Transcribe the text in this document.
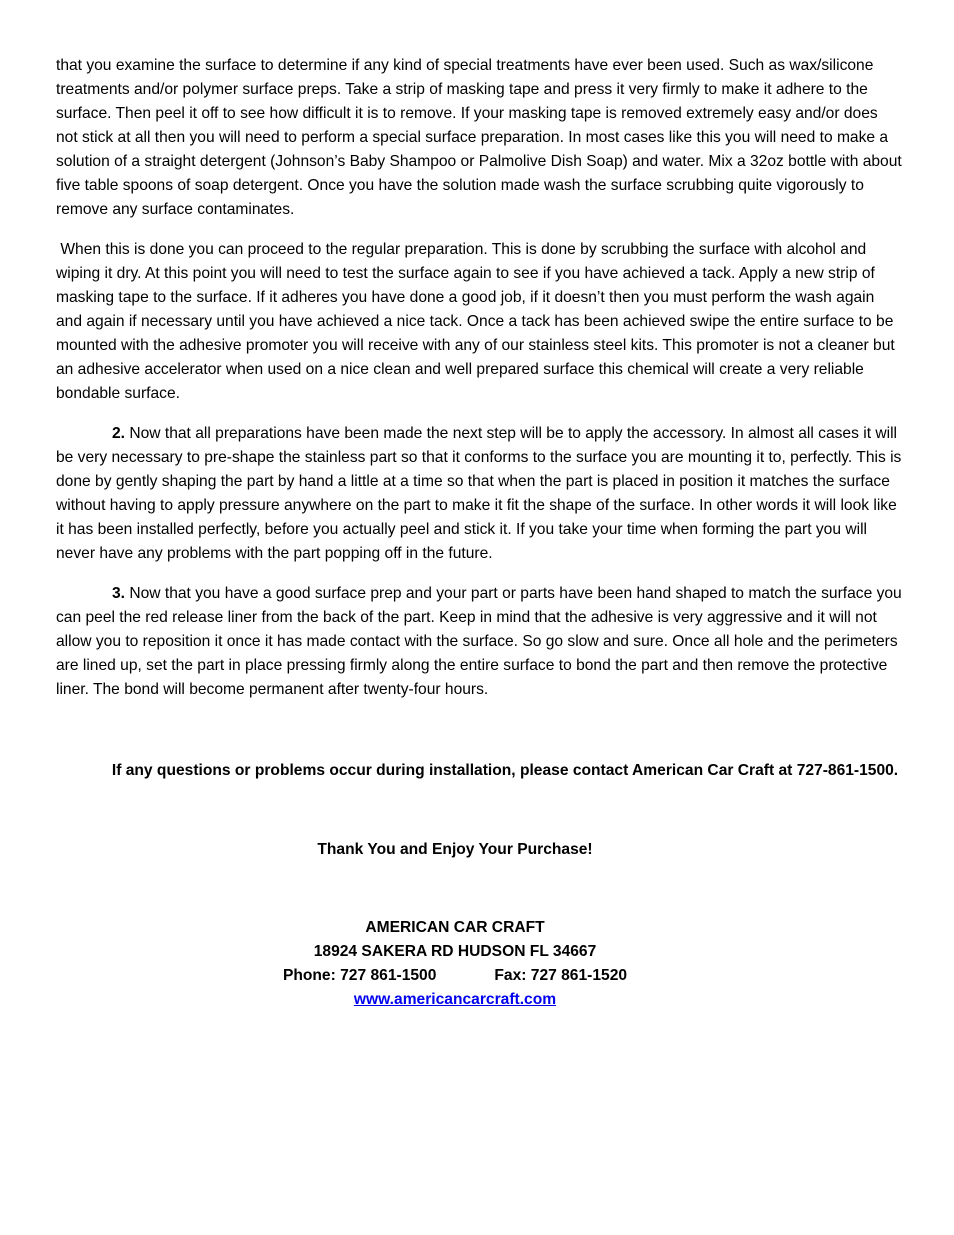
that you examine the surface to determine if any kind of special treatments have ever been used. Such as wax/silicone treatments and/or polymer surface preps. Take a strip of masking tape and press it very firmly to make it adhere to the surface. Then peel it off to see how difficult it is to remove. If your masking tape is removed extremely easy and/or does not stick at all then you will need to perform a special surface preparation. In most cases like this you will need to make a solution of a straight detergent (Johnson’s Baby Shampoo or Palmolive Dish Soap) and water. Mix a 32oz bottle with about five table spoons of soap detergent. Once you have the solution made wash the surface scrubbing quite vigorously to remove any surface contaminates.

When this is done you can proceed to the regular preparation. This is done by scrubbing the surface with alcohol and wiping it dry. At this point you will need to test the surface again to see if you have achieved a tack. Apply a new strip of masking tape to the surface. If it adheres you have done a good job, if it doesn’t then you must perform the wash again and again if necessary until you have achieved a nice tack. Once a tack has been achieved swipe the entire surface to be mounted with the adhesive promoter you will receive with any of our stainless steel kits. This promoter is not a cleaner but an adhesive accelerator when used on a nice clean and well prepared surface this chemical will create a very reliable bondable surface.

2. Now that all preparations have been made the next step will be to apply the accessory. In almost all cases it will be very necessary to pre-shape the stainless part so that it conforms to the surface you are mounting it to, perfectly. This is done by gently shaping the part by hand a little at a time so that when the part is placed in position it matches the surface without having to apply pressure anywhere on the part to make it fit the shape of the surface. In other words it will look like it has been installed perfectly, before you actually peel and stick it. If you take your time when forming the part you will never have any problems with the part popping off in the future.

3. Now that you have a good surface prep and your part or parts have been hand shaped to match the surface you can peel the red release liner from the back of the part. Keep in mind that the adhesive is very aggressive and it will not allow you to reposition it once it has made contact with the surface. So go slow and sure. Once all hole and the perimeters are lined up, set the part in place pressing firmly along the entire surface to bond the part and then remove the protective liner. The bond will become permanent after twenty-four hours.

If any questions or problems occur during installation, please contact American Car Craft at 727-861-1500.
Thank You and Enjoy Your Purchase!
AMERICAN CAR CRAFT
18924 SAKERA RD HUDSON FL 34667
Phone: 727 861-1500	Fax: 727 861-1520
www.americancarcraft.com
